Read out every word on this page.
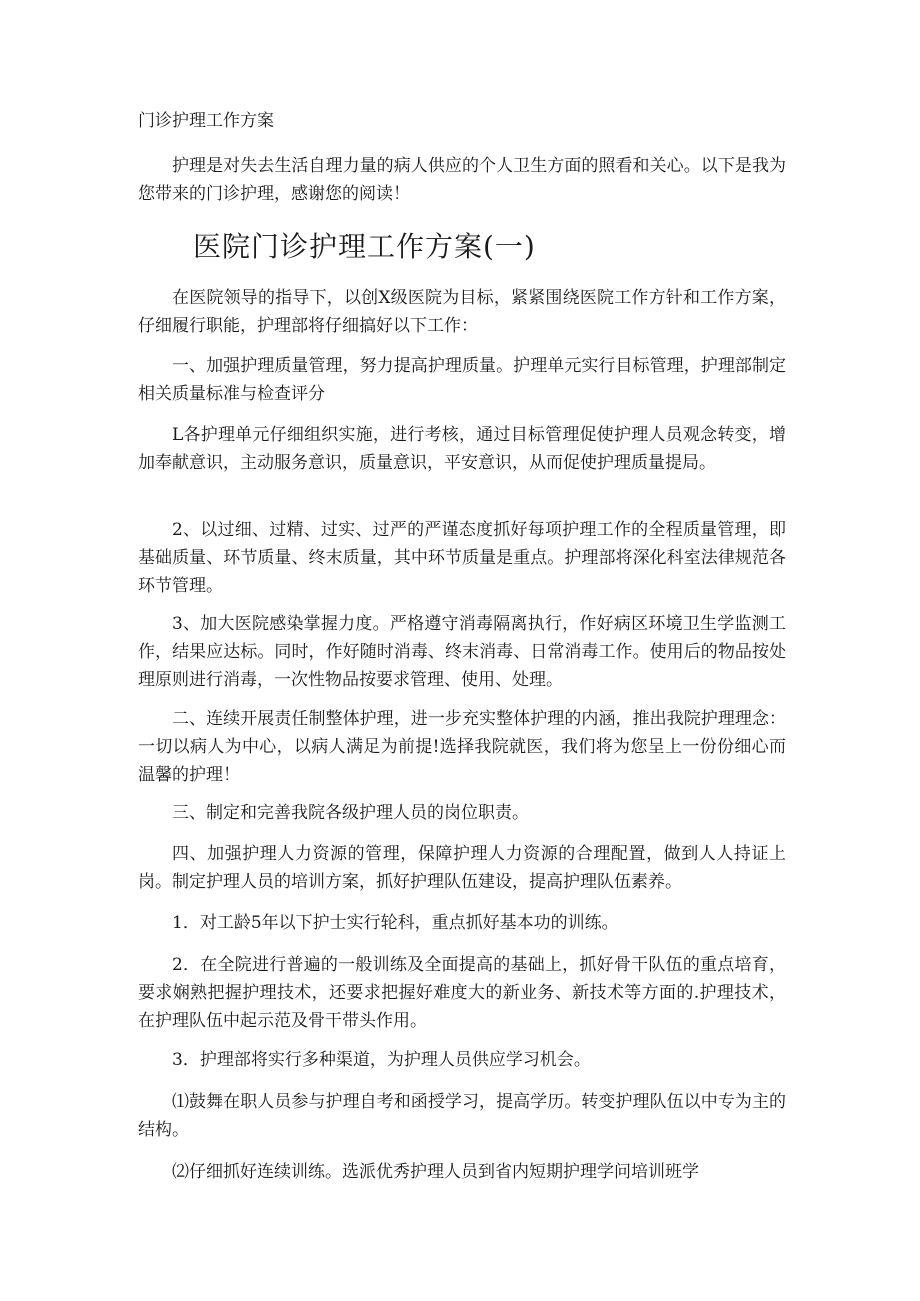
门诊护理工作方案

护理是对失去生活自理力量的病人供应的个人卫生方面的照看和关心。以下是我为您带来的门诊护理，感谢您的阅读！

医院门诊护理工作方案(一)

在医院领导的指导下，以创X级医院为目标，紧紧围绕医院工作方针和工作方案，仔细履行职能，护理部将仔细搞好以下工作：

一、加强护理质量管理，努力提高护理质量。护理单元实行目标管理，护理部制定相关质量标准与检查评分

L各护理单元仔细组织实施，进行考核，通过目标管理促使护理人员观念转变，增加奉献意识，主动服务意识，质量意识，平安意识，从而促使护理质量提局。

2、以过细、过精、过实、过严的严谨态度抓好每项护理工作的全程质量管理，即基础质量、环节质量、终末质量，其中环节质量是重点。护理部将深化科室法律规范各环节管理。

3、加大医院感染掌握力度。严格遵守消毒隔离执行，作好病区环境卫生学监测工作，结果应达标。同时，作好随时消毒、终末消毒、日常消毒工作。使用后的物品按处理原则进行消毒，一次性物品按要求管理、使用、处理。

二、连续开展责任制整体护理，进一步充实整体护理的内涵，推出我院护理理念：一切以病人为中心，以病人满足为前提!选择我院就医，我们将为您呈上一份份细心而温馨的护理！

三、制定和完善我院各级护理人员的岗位职责。

四、加强护理人力资源的管理，保障护理人力资源的合理配置，做到人人持证上岗。制定护理人员的培训方案，抓好护理队伍建设，提高护理队伍素养。

1．对工龄5年以下护士实行轮科，重点抓好基本功的训练。

2．在全院进行普遍的一般训练及全面提高的基础上，抓好骨干队伍的重点培育，要求娴熟把握护理技术，还要求把握好难度大的新业务、新技术等方面的.护理技术，在护理队伍中起示范及骨干带头作用。

3．护理部将实行多种渠道，为护理人员供应学习机会。

⑴鼓舞在职人员参与护理自考和函授学习，提高学历。转变护理队伍以中专为主的结构。

⑵仔细抓好连续训练。选派优秀护理人员到省内短期护理学问培训班学
